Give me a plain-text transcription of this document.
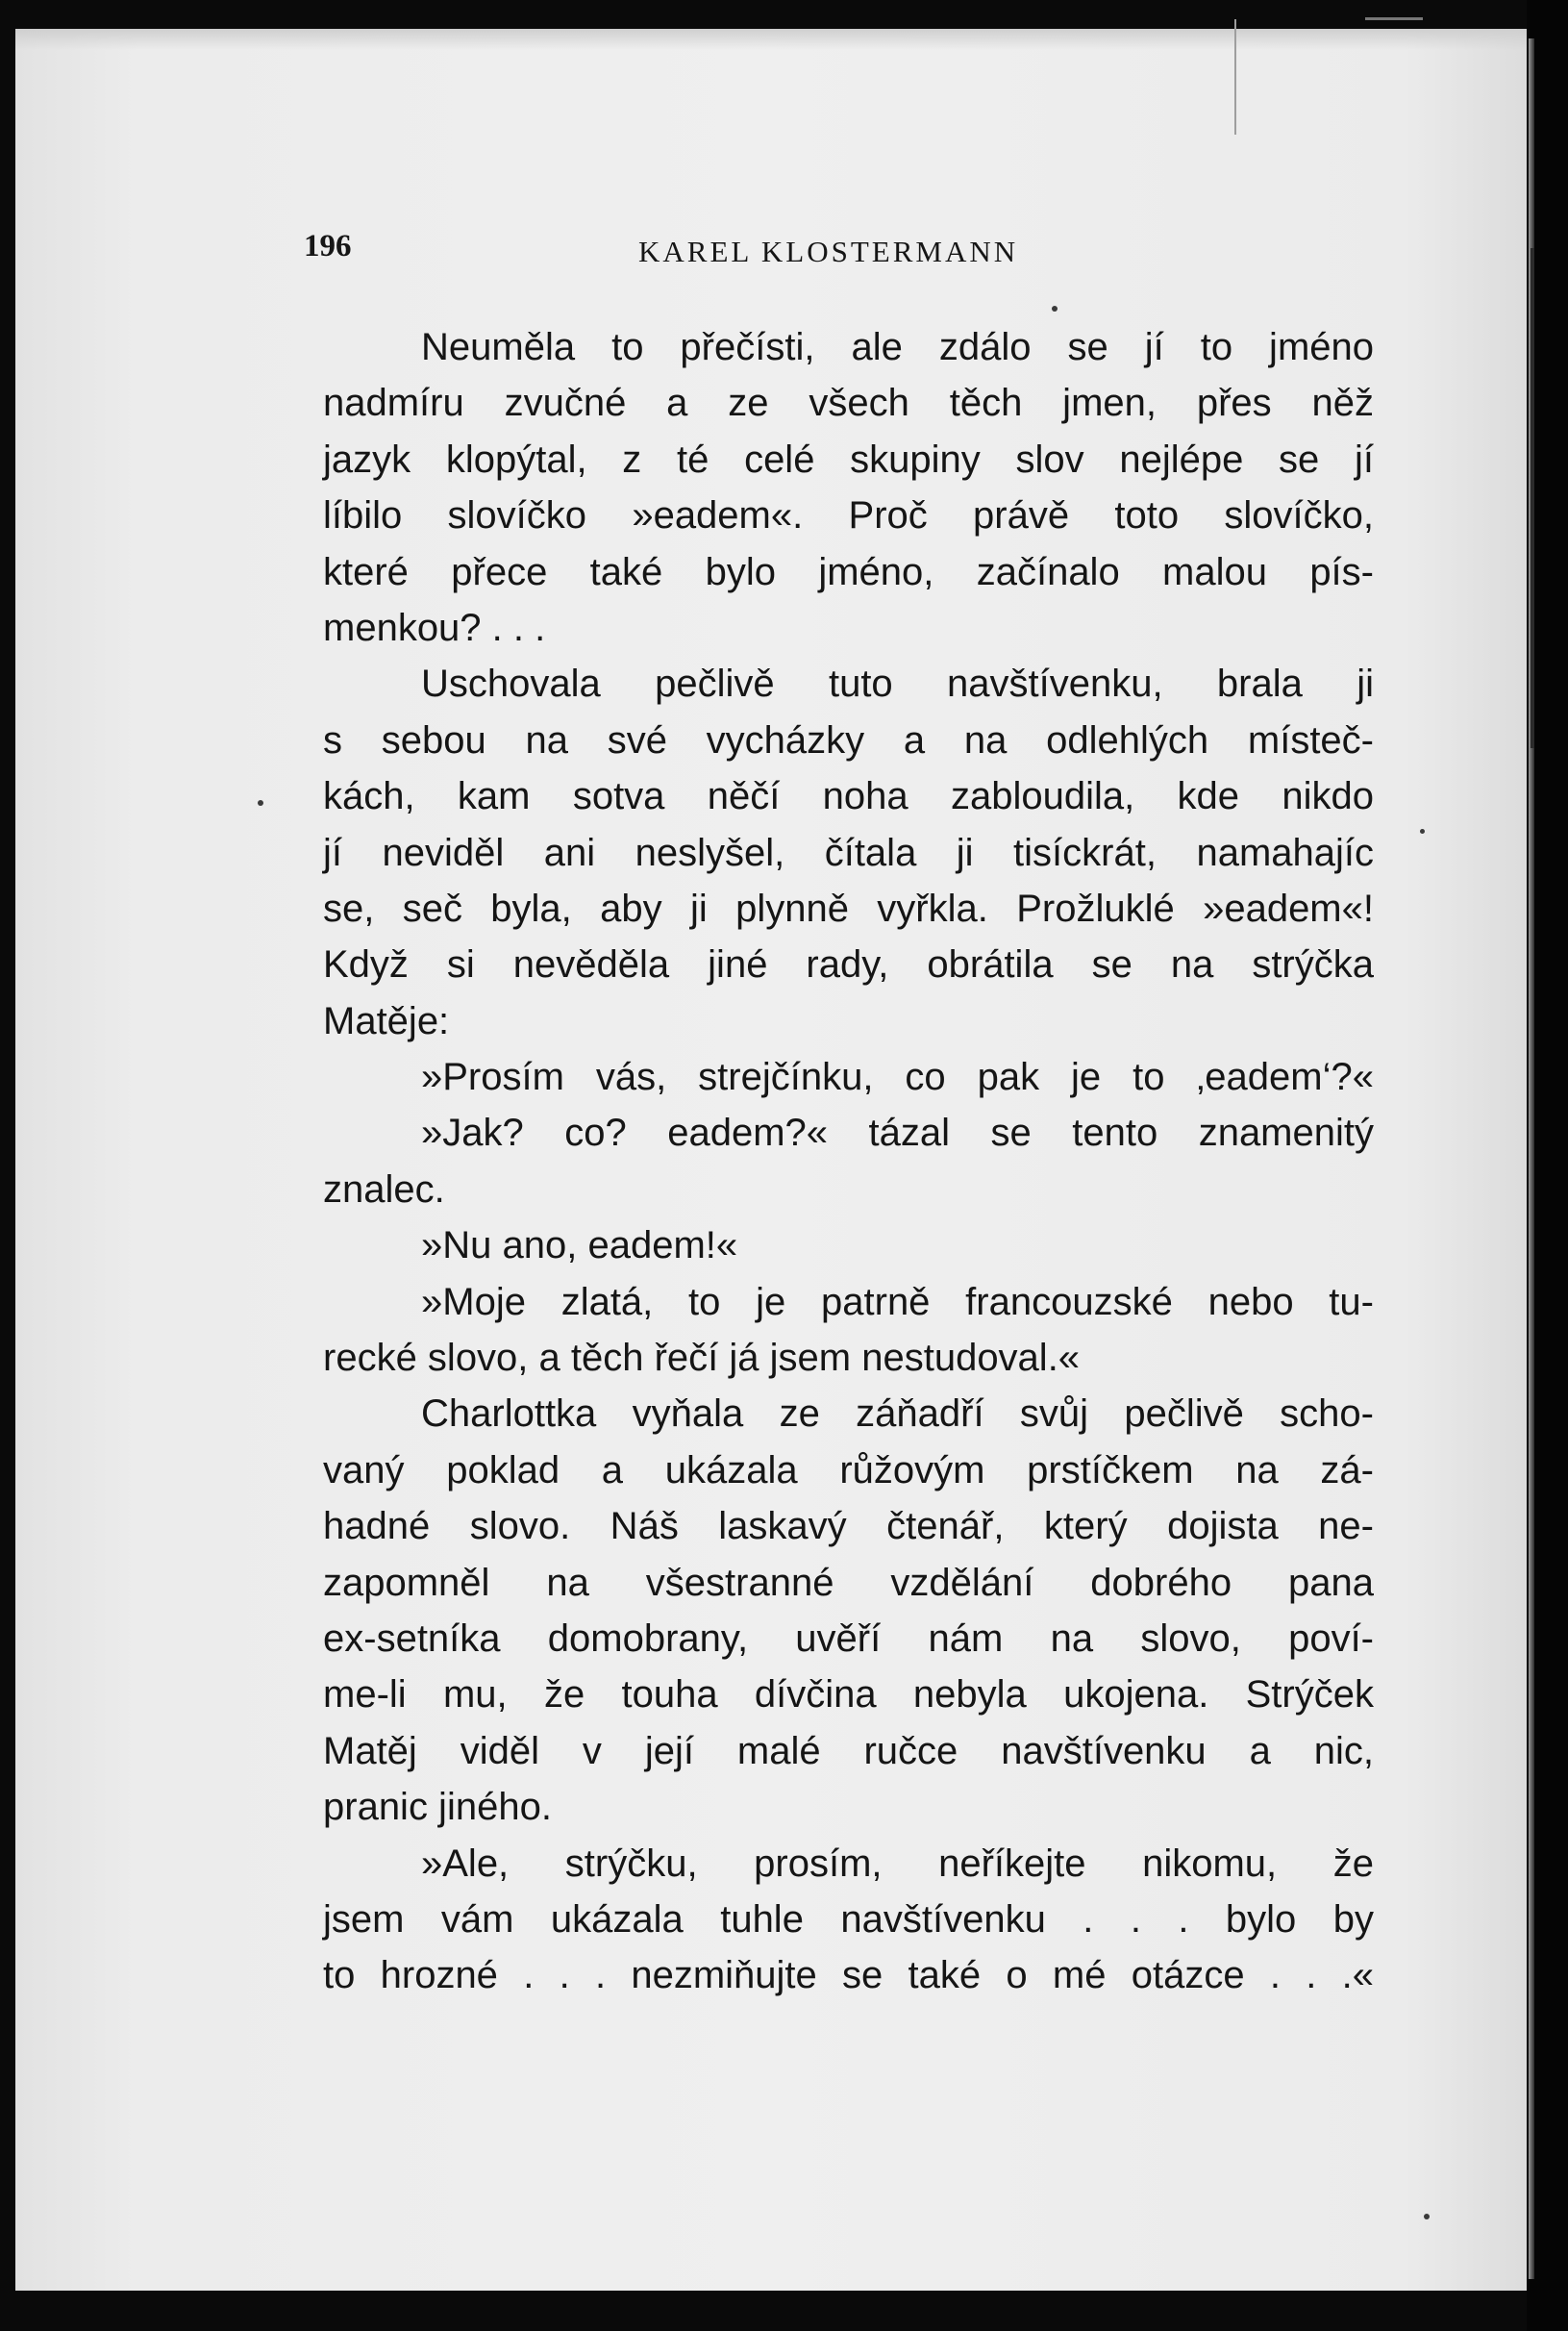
196	KAREL KLOSTERMANN
Neuměla to přečísti, ale zdálo se jí to jméno
nadmíru zvučné a ze všech těch jmen, přes něž
jazyk klopýtal, z té celé skupiny slov nejlépe se jí
líbilo slovíčko »eadem«. Proč právě toto slovíčko,
které přece také bylo jméno, začínalo malou pís-
menkou? . . .
Uschovala pečlivě tuto navštívenku, brala ji
s sebou na své vycházky a na odlehlých místeč-
kách, kam sotva něčí noha zabloudila, kde nikdo
jí neviděl ani neslyšel, čítala ji tisíckrát, namahajíc
se, seč byla, aby ji plynně vyřkla. Prožluklé »eadem«!
Když si nevěděla jiné rady, obrátila se na strýčka
Matěje:
»Prosím vás, strejčínku, co pak je to ‚eadem‘?«
»Jak? co? eadem?« tázal se tento znamenitý
znalec.
»Nu ano, eadem!«
»Moje zlatá, to je patrně francouzské nebo tu-
recké slovo, a těch řečí já jsem nestudoval.«
Charlottka vyňala ze záňadří svůj pečlivě scho-
vaný poklad a ukázala růžovým prstíčkem na zá-
hadné slovo. Náš laskavý čtenář, který dojista ne-
zapomněl na všestranné vzdělání dobrého pana
ex-setníka domobrany, uvěří nám na slovo, poví-
me-li mu, že touha dívčina nebyla ukojena. Strýček
Matěj viděl v její malé ručce navštívenku a nic,
pranic jiného.
»Ale, strýčku, prosím, neříkejte nikomu, že
jsem vám ukázala tuhle navštívenku . . . bylo by
to hrozné . . . nezmiňujte se také o mé otázce . . .«
